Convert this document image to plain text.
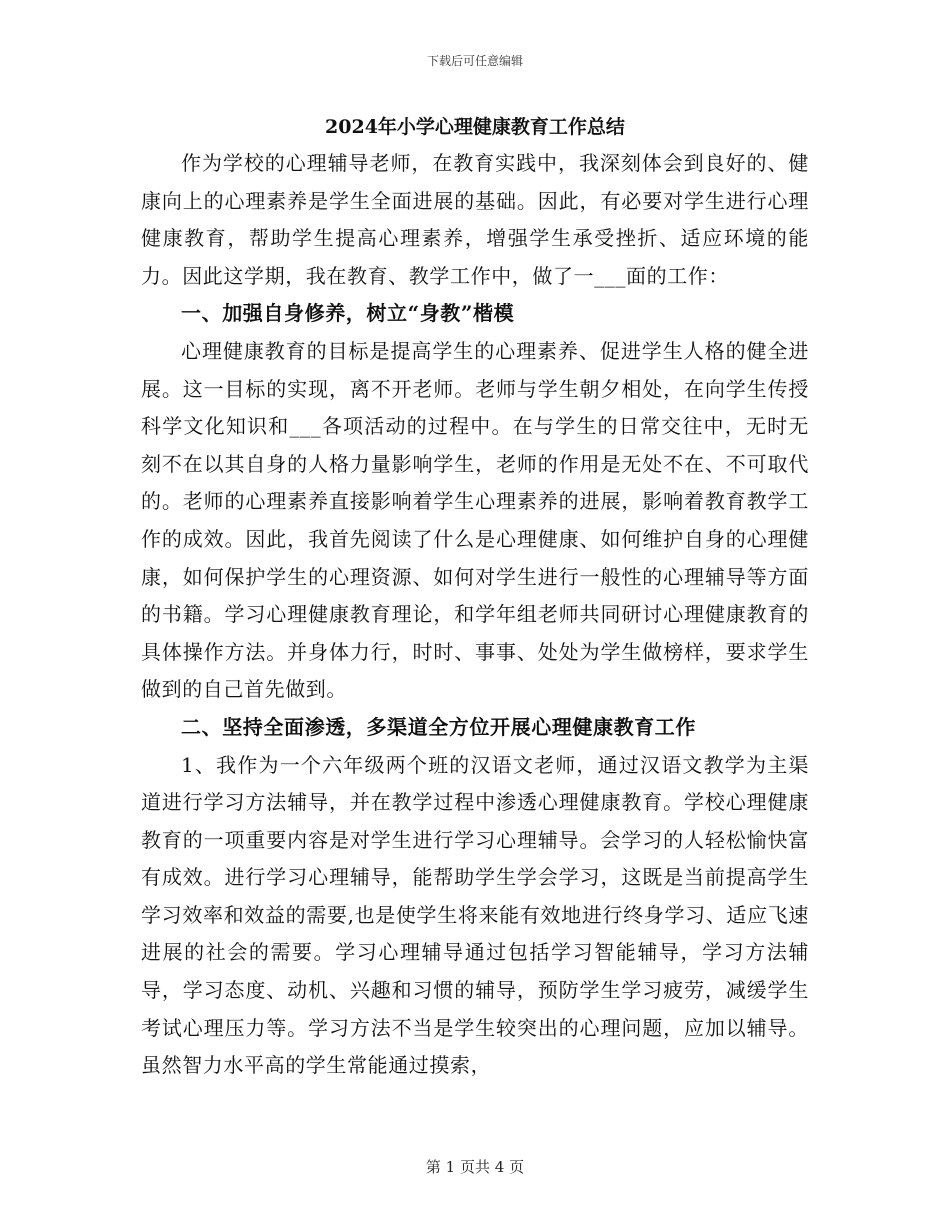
下载后可任意编辑
2024年小学心理健康教育工作总结

作为学校的心理辅导老师，在教育实践中，我深刻体会到良好的、健康向上的心理素养是学生全面进展的基础。因此，有必要对学生进行心理健康教育，帮助学生提高心理素养，增强学生承受挫折、适应环境的能力。因此这学期，我在教育、教学工作中，做了一___面的工作：

一、加强自身修养，树立“身教”楷模

心理健康教育的目标是提高学生的心理素养、促进学生人格的健全进展。这一目标的实现，离不开老师。老师与学生朝夕相处，在向学生传授科学文化知识和___各项活动的过程中。在与学生的日常交往中，无时无刻不在以其自身的人格力量影响学生，老师的作用是无处不在、不可取代的。老师的心理素养直接影响着学生心理素养的进展，影响着教育教学工作的成效。因此，我首先阅读了什么是心理健康、如何维护自身的心理健康，如何保护学生的心理资源、如何对学生进行一般性的心理辅导等方面的书籍。学习心理健康教育理论，和学年组老师共同研讨心理健康教育的具体操作方法。并身体力行，时时、事事、处处为学生做榜样，要求学生做到的自己首先做到。

二、坚持全面渗透，多渠道全方位开展心理健康教育工作

1、我作为一个六年级两个班的汉语文老师，通过汉语文教学为主渠道进行学习方法辅导，并在教学过程中渗透心理健康教育。学校心理健康教育的一项重要内容是对学生进行学习心理辅导。会学习的人轻松愉快富有成效。进行学习心理辅导，能帮助学生学会学习，这既是当前提高学生学习效率和效益的需要,也是使学生将来能有效地进行终身学习、适应飞速进展的社会的需要。学习心理辅导通过包括学习智能辅导，学习方法辅导，学习态度、动机、兴趣和习惯的辅导，预防学生学习疲劳，减缓学生考试心理压力等。学习方法不当是学生较突出的心理问题，应加以辅导。虽然智力水平高的学生常能通过摸索，

第 1 页共 4 页
